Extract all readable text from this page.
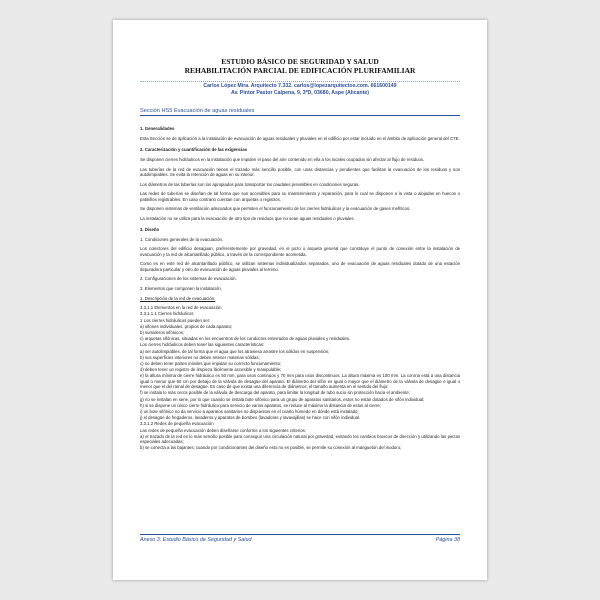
ESTUDIO BÁSICO DE SEGURIDAD Y SALUD
REHABILITACIÓN PARCIAL DE EDIFICACIÓN PLURIFAMILIAR
Carlos López Mira. Arquitecto 7.332. carlos@lopezarquitectos.com. 661600149
Av. Pintor Pastor Calpena, 9, 3ºD, 03680, Aspe (Alicante)
Sección HS5 Evacuación de aguas residuales

1. Generalidades

Esta Sección se de aplicación a la instalación de evacuación de aguas residuales y pluviales en el edificio por estar incluido en el ámbito de aplicación general del CTE.

2. Caracterización y cuantificación de las exigencias

Se disponen cierres hidráulicos en la instalación que impiden el paso del aire contenido en ella a los locales ocupados sin afectar al flujo de residuos.

Las tuberías de la red de evacuación tienen el trazado más sencillo posible, con unas distancias y pendientes que facilitan la evacuación de los residuos y son autolimpiables. Se evita la retención de aguas en su interior.

Los diámetros de las tuberías son los apropiados para transportar los caudales previsibles en condiciones seguras.

Las redes de tuberías se diseñan de tal forma que son accesibles para su mantenimiento y reparación, para lo cual se disponen a la vista o alojadas en huecos o patinillos registrables. En caso contrario cuentan con arquetas o registros.

Se disponen sistemas de ventilación adecuados que permiten el funcionamiento de los cierres hidráulicos y la evacuación de gases mefíticos.

La instalación no se utiliza para la evacuación de otro tipo de residuos que no sean aguas residuales o pluviales.

3. Diseño

1. Condiciones generales de la evacuación.

Los colectores del edificio desaguan, preferentemente por gravedad, en el pozo o arqueta general que constituye el punto de conexión entre la instalación de evacuación y la red de alcantarillado público, a través de la correspondiente acometida.

Como es en este red de alcantarillado público, se utilizan sistemas individualizados separados, uno de evacuación de aguas residuales dotado de una estación depuradora particular y otro de evacuación de aguas pluviales al terreno.

2. Configuraciones de los sistemas de evacuación.

3. Elementos que componen la instalación.

1. Descripción de la red de evacuación.

3.3.1.1 Elementos en la red de evacuación

3.3.1.1.1 Cierres hidráulicos

1 Los cierres hidráulicos pueden ser:

a) sifones individuales, propios de cada aparato;

b) sumideros sifónicos;

c) arquetas sifónicas, situadas en los encuentros de los conductos enterrados de aguas pluviales y residuales.

Los cierres hidráulicos deben tener las siguientes características:

a) ser autolimpiables, de tal forma que el agua que los atraviesa arrastre los sólidos en suspensión;

b) sus superficies interiores no deben retener materias sólidas;

c) no deben tener partes móviles que impidan su correcto funcionamiento;

d) deben tener un registro de limpieza fácilmente accesible y manipulable;

e) la altura mínima de cierre hidráulico es 50 mm, para usos continuos y 70 mm para usos discontinuos. La altura máxima es 100 mm. La corona está a una distancia igual o menor que 60 cm por debajo de la válvula de desagüe del aparato. El diámetro del sifón es igual o mayor que el diámetro de la válvula de desagüe e igual o menor que el del ramal de desagüe. En caso de que exista una diferencia de diámetros, el tamaño aumenta en el sentido del flujo;

f) se instala lo más cerca posible de la válvula de descarga del aparato, para limitar la longitud de tubo sucio sin protección hacia el ambiente;

g) no se instalan en serie, por lo que cuando se instala bote sifónico para un grupo de aparatos sanitarios, estos no están dotados de sifón individual;

h) si se dispone un único cierre hidráulico para servicio de varios aparatos, se reduce al máximo la distancia de estos al cierre;

i) un bote sifónico no da servicio a aparatos sanitarios no dispuestos en el cuarto húmedo en dónde está instalado;

j) el desagüe de fregaderos, lavaderos y aparatos de bombeo (lavadoras y lavavajillas) se hace con sifón individual.

3.3.1.2 Redes de pequeña evacuación

Las redes de pequeña evacuación deben diseñarse conforme a los siguientes criterios:

a) el trazado de la red es lo más sencillo posible para conseguir una circulación natural por gravedad, evitando los cambios bruscos de dirección y utilizando las piezas especiales adecuadas;

b) se conecta a las bajantes; cuando por condicionantes del diseño esto no es posible, se permite su conexión al manguetón del inodoro;

Anexo 3: Estudio Básico de Seguridad y Salud	Página 38
